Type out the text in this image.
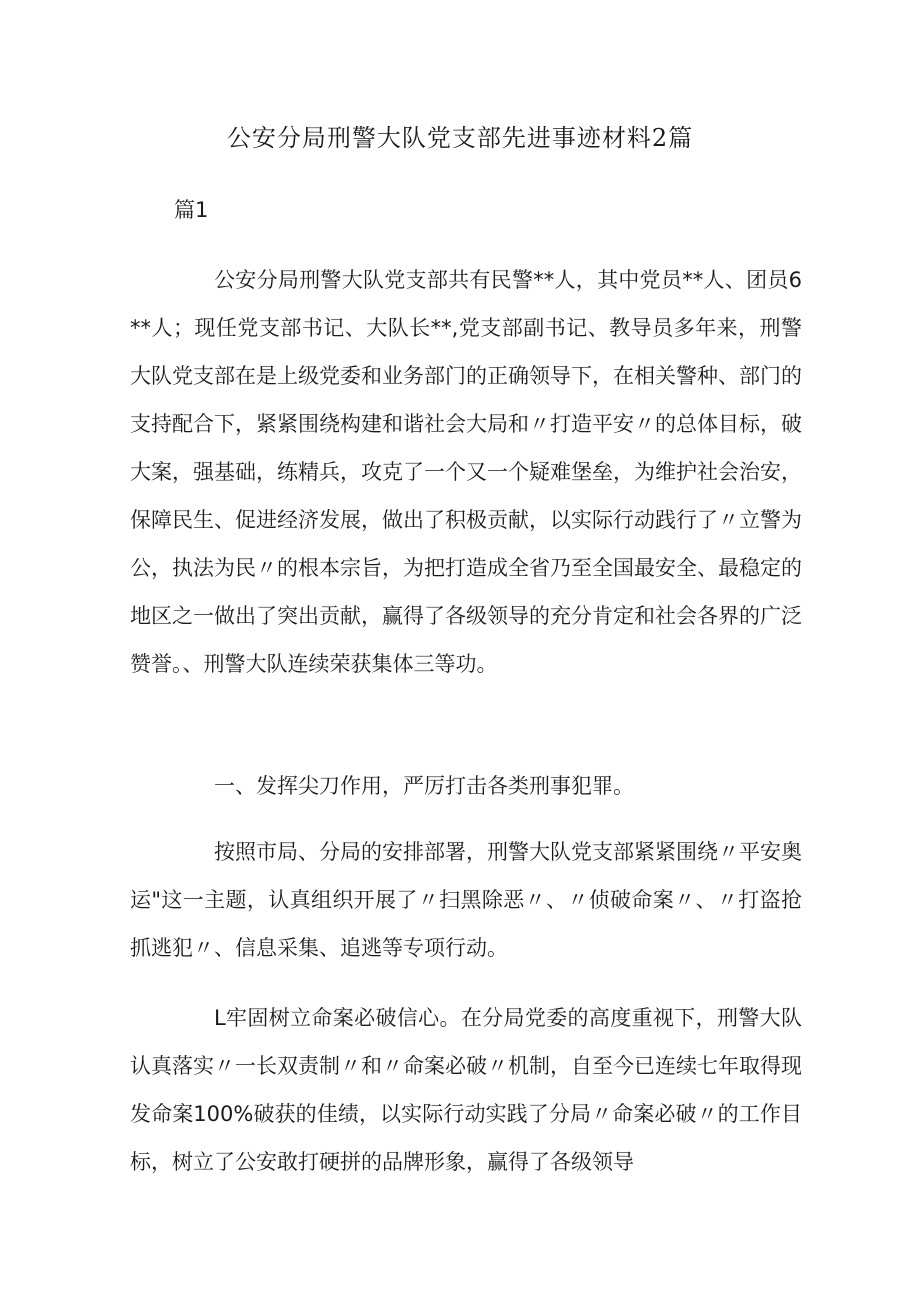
公安分局刑警大队党支部先进事迹材料2篇
篇1

公安分局刑警大队党支部共有民警**人，其中党员**人、团员6**人；现任党支部书记、大队长**,党支部副书记、教导员多年来，刑警大队党支部在是上级党委和业务部门的正确领导下，在相关警种、部门的支持配合下，紧紧围绕构建和谐社会大局和〃打造平安〃的总体目标，破大案，强基础，练精兵，攻克了一个又一个疑难堡垒，为维护社会治安，保障民生、促进经济发展，做出了积极贡献，以实际行动践行了〃立警为公，执法为民〃的根本宗旨，为把打造成全省乃至全国最安全、最稳定的地区之一做出了突出贡献，赢得了各级领导的充分肯定和社会各界的广泛赞誉。、刑警大队连续荣获集体三等功。

一、发挥尖刀作用，严厉打击各类刑事犯罪。

按照市局、分局的安排部署，刑警大队党支部紧紧围绕〃平安奥运"这一主题，认真组织开展了〃扫黑除恶〃、〃侦破命案〃、〃打盗抢抓逃犯〃、信息采集、追逃等专项行动。

L牢固树立命案必破信心。在分局党委的高度重视下，刑警大队认真落实〃一长双责制〃和〃命案必破〃机制，自至今已连续七年取得现发命案100%破获的佳绩，以实际行动实践了分局〃命案必破〃的工作目标，树立了公安敢打硬拼的品牌形象，赢得了各级领导
